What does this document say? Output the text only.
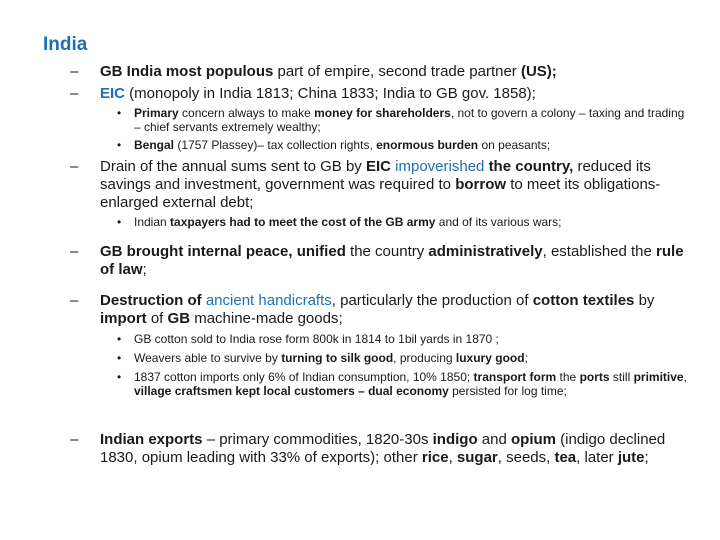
India
–	GB India most populous part of empire, second trade partner (US);
–	EIC (monopoly in India 1813; China 1833; India to GB gov. 1858);
•	Primary concern always to make money for shareholders, not to govern a colony – taxing and trading – chief servants extremely wealthy;
•	Bengal (1757 Plassey)– tax collection rights, enormous burden on peasants;
–	Drain of the annual sums sent to GB by EIC impoverished the country, reduced its savings and investment, government was required to borrow to meet its obligations- enlarged external debt;
•	Indian taxpayers had to meet the cost of the GB army and of its various wars;
–	GB brought internal peace, unified the country administratively, established the rule of law;
–	Destruction of ancient handicrafts, particularly the production of cotton textiles by import of GB machine-made goods;
•	GB cotton sold to India rose form 800k in 1814 to 1bil yards in 1870 ;
•	Weavers able to survive by turning to silk good, producing luxury good;
•	1837 cotton imports only 6% of Indian consumption, 10% 1850; transport form the ports still primitive, village craftsmen kept local customers – dual economy persisted for log time;
–	Indian exports – primary commodities, 1820-30s indigo and opium (indigo declined 1830, opium leading with 33% of exports); other rice, sugar, seeds, tea, later jute;
